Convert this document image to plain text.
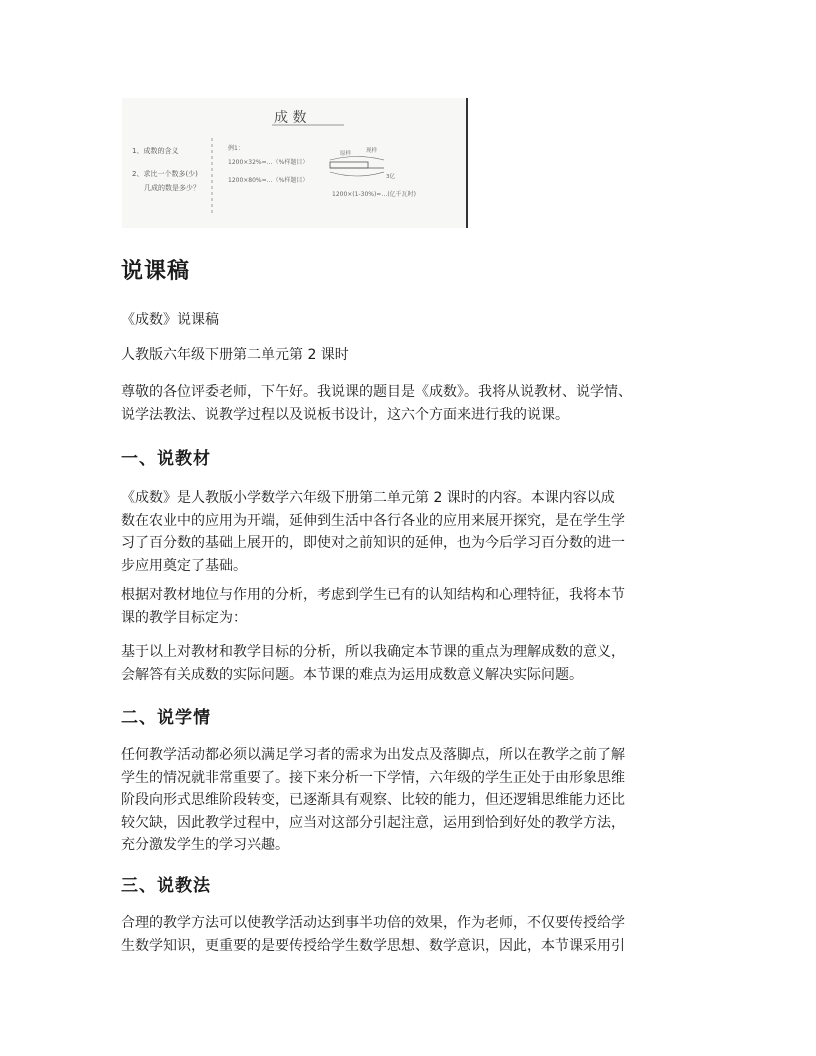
成 数
1、成数的含义
2、求比一个数多(少)
几成的数是多少？
例1：
1200×32%=…（%样题目）
1200×80%=…（%样题目）
原样	现样
3亿
1200×(1-30%)=…(亿千瓦时)
说课稿
《成数》说课稿
人教版六年级下册第二单元第 2 课时
尊敬的各位评委老师，下午好。我说课的题目是《成数》。我将从说教材、说学情、
说学法教法、说教学过程以及说板书设计，这六个方面来进行我的说课。
一、说教材
《成数》是人教版小学数学六年级下册第二单元第 2 课时的内容。本课内容以成
数在农业中的应用为开端，延伸到生活中各行各业的应用来展开探究，是在学生学
习了百分数的基础上展开的，即使对之前知识的延伸，也为今后学习百分数的进一
步应用奠定了基础。
根据对教材地位与作用的分析，考虑到学生已有的认知结构和心理特征，我将本节
课的教学目标定为：
基于以上对教材和教学目标的分析，所以我确定本节课的重点为理解成数的意义，
会解答有关成数的实际问题。本节课的难点为运用成数意义解决实际问题。
二、说学情
任何教学活动都必须以满足学习者的需求为出发点及落脚点，所以在教学之前了解
学生的情况就非常重要了。接下来分析一下学情，六年级的学生正处于由形象思维
阶段向形式思维阶段转变，已逐渐具有观察、比较的能力，但还逻辑思维能力还比
较欠缺，因此教学过程中，应当对这部分引起注意，运用到恰到好处的教学方法，
充分激发学生的学习兴趣。
三、说教法
合理的教学方法可以使教学活动达到事半功倍的效果，作为老师，不仅要传授给学
生数学知识，更重要的是要传授给学生数学思想、数学意识，因此，本节课采用引
